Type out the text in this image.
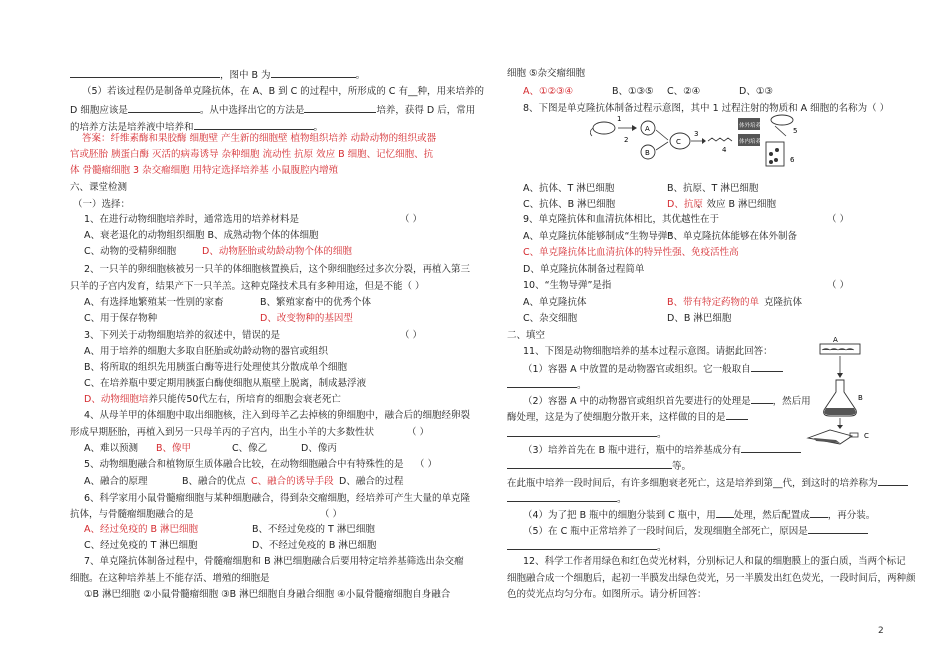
，图中 B 为	。
（5）若该过程仍是制备单克隆抗体，在 A、B 到 C 的过程中，所形成的 C 有__种，用来培养的
D 细胞应该是	。从中选择出它的方法是	培养，获得 D 后，常用
的培养方法是培养液中培养和	。
答案：纤维素酶和果胶酶 细胞壁 产生新的细胞壁 植物组织培养 动龄动物的组织或器
官或胚胎 胰蛋白酶 灭活的病毒诱导 杂种细胞 流动性 抗原 效应 B 细胞、记忆细胞、抗
体 骨髓瘤细胞 3 杂交瘤细胞 用特定选择培养基 小鼠腹腔内增殖
六、课堂检测
（一）选择：
1、在进行动物细胞培养时，通常选用的培养材料是
A、衰老退化的动物组织细胞 B、成熟动物个体的体细胞
C、动物的受精卵细胞
2、一只羊的卵细胞核被另一只羊的体细胞核置换后，这个卵细胞经过多次分裂，再植入第三
只羊的子宫内发育，结果产下一只羊羔。这种克隆技术具有多种用途，但是不能（ ）
A、有选择地繁殖某一性别的家畜
C、用于保存物种
3、下列关于动物细胞培养的叙述中，错误的是
A、用于培养的细胞大多取自胚胎或幼龄动物的器官或组织
B、将所取的组织先用胰蛋白酶等进行处理使其分散成单个细胞
C、在培养瓶中要定期用胰蛋白酶使细胞从瓶壁上脱离，制成悬浮液
D、动物细胞培养只能传50代左右，所培育的细胞会衰老死亡
4、从母羊甲的体细胞中取出细胞核，注入到母羊乙去掉核的卵细胞中，融合后的细胞经卵裂
形成早期胚胎，再植入到另一只母羊丙的子宫内，出生小羊的大多数性状
A、难以预测
5、动物细胞融合和植物原生质体融合比较，在动物细胞融合中有特殊性的是
A、融合的原理
6、科学家用小鼠骨髓瘤细胞与某种细胞融合，得到杂交瘤细胞，经培养可产生大量的单克隆
抗体，与骨髓瘤细胞融合的是
A、经过免疫的 B 淋巴细胞
C、经过免疫的 T 淋巴细胞
7、单克隆抗体制备过程中，骨髓瘤细胞和 B 淋巴细胞融合后要用特定培养基筛选出杂交瘤
细胞。在这种培养基上不能存活、增殖的细胞是
①B 淋巴细胞 ②小鼠骨髓瘤细胞 ③B 淋巴细胞自身融合细胞 ④小鼠骨髓瘤细胞自身融合
（ ）
D、动物胚胎或幼龄动物个体的细胞
B、繁殖家畜中的优秀个体
D、改变物种的基因型
（ ）
（ ）
B、像甲	C、像乙	D、像丙
（ ）
B、融合的优点 C、融合的诱导手段 D、融合的过程
（ ）
B、不经过免疫的 T 淋巴细胞
D、不经过免疫的 B 淋巴细胞
细胞 ⑤杂交瘤细胞
A、①②③④
8、下图是单克隆抗体制备过程示意图，其中 1 过程注射的物质和 A 细胞的名称为（ ）
A、抗体、T 淋巴细胞
C、抗体、B 淋巴细胞
9、单克隆抗体和血清抗体相比，其优越性在于
A、单克隆抗体能够制成“生物导弹”
C、单克隆抗体比血清抗体的特异性强、免疫活性高
D、单克隆抗体制备过程简单
10、“生物导弹”是指
A、单克隆抗体
C、杂交细胞
二、填空
11、下图是动物细胞培养的基本过程示意图。请据此回答：
（1）容器 A 中放置的是动物器官或组织。它一般取自
。
（2）容器 A 中的动物器官或组织首先要进行的处理是 ，然后用
酶处理，这是为了使细胞分散开来，这样做的目的是
。
（3）培养首先在 B 瓶中进行，瓶中的培养基成分有
等。
在此瓶中培养一段时间后，有许多细胞衰老死亡，这是培养到第__代，到这时的培养称为
。
（4）为了把 B 瓶中的细胞分装到 C 瓶中，用 处理，然后配置成 ，再分装。
（5）在 C 瓶中正常培养了一段时间后，发现细胞全部死亡，原因是
。
12、科学工作者用绿色和红色荧光材料，分别标记人和鼠的细胞膜上的蛋白质，当两个标记
细胞融合成一个细胞后，起初一半膜发出绿色荧光，另一半膜发出红色荧光，一段时间后，两种颜
色的荧光点均匀分布。如图所示。请分析回答：
B、①③⑤ C、②④	D、①③
B、抗原、T 淋巴细胞
D、抗原
、效应 B 淋巴细胞
（ ）
B、单克隆抗体能够在体外制备
（ ）
B、带有特定药物的单 克隆抗体
D、B 淋巴细胞
1
2
A
B
C
3
4
体外培养
体内培养
5
6
A
B
C
2
